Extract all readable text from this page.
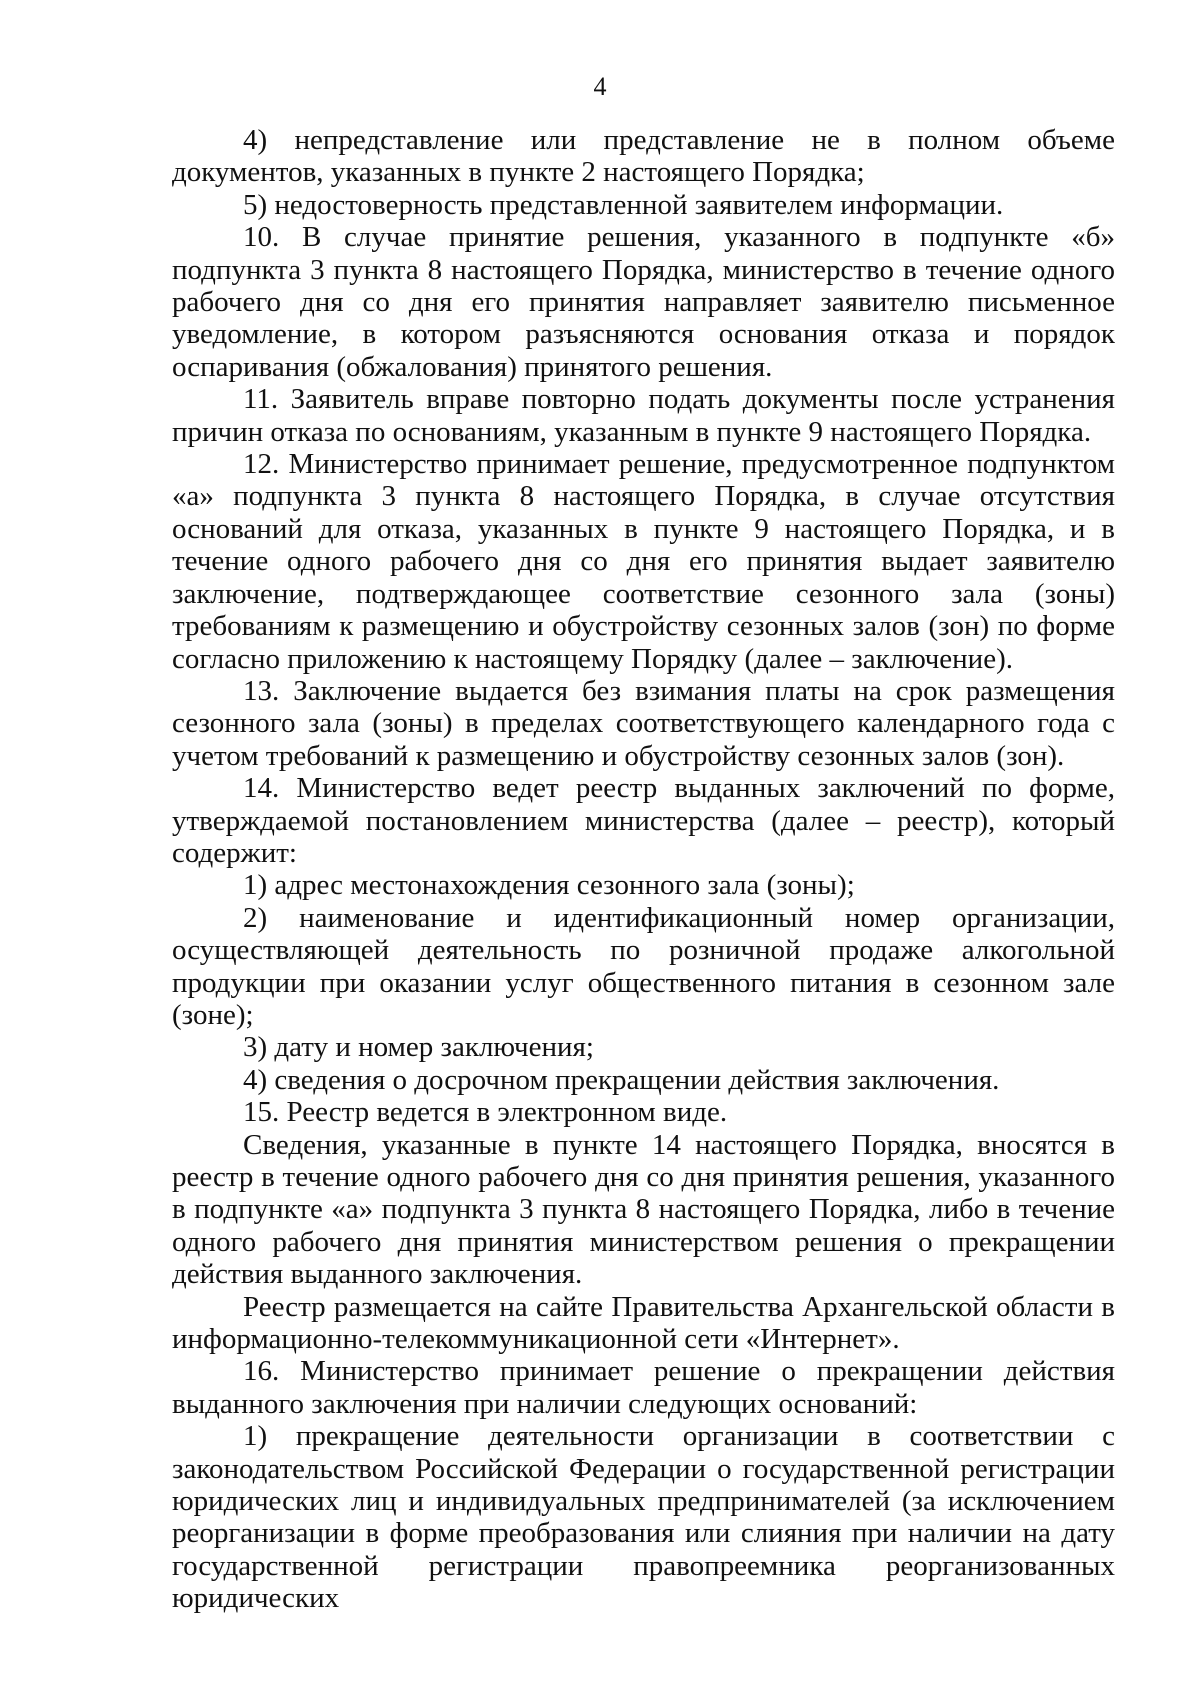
4

4) непредставление или представление не в полном объеме документов, указанных в пункте 2 настоящего Порядка;

5) недостоверность представленной заявителем информации.

10. В случае принятие решения, указанного в подпункте «б» подпункта 3 пункта 8 настоящего Порядка, министерство в течение одного рабочего дня со дня его принятия направляет заявителю письменное уведомление, в котором разъясняются основания отказа и порядок оспаривания (обжалования) принятого решения.

11. Заявитель вправе повторно подать документы после устранения причин отказа по основаниям, указанным в пункте 9 настоящего Порядка.

12. Министерство принимает решение, предусмотренное подпунктом «а» подпункта 3 пункта 8 настоящего Порядка, в случае отсутствия оснований для отказа, указанных в пункте 9 настоящего Порядка, и в течение одного рабочего дня со дня его принятия выдает заявителю заключение, подтверждающее соответствие сезонного зала (зоны) требованиям к размещению и обустройству сезонных залов (зон) по форме согласно приложению к настоящему Порядку (далее – заключение).

13. Заключение выдается без взимания платы на срок размещения сезонного зала (зоны) в пределах соответствующего календарного года с учетом требований к размещению и обустройству сезонных залов (зон).

14. Министерство ведет реестр выданных заключений по форме, утверждаемой постановлением министерства (далее – реестр), который содержит:

1) адрес местонахождения сезонного зала (зоны);

2) наименование и идентификационный номер организации, осуществляющей деятельность по розничной продаже алкогольной продукции при оказании услуг общественного питания в сезонном зале (зоне);

3) дату и номер заключения;

4) сведения о досрочном прекращении действия заключения.

15. Реестр ведется в электронном виде.

Сведения, указанные в пункте 14 настоящего Порядка, вносятся в реестр в течение одного рабочего дня со дня принятия решения, указанного в подпункте «а» подпункта 3 пункта 8 настоящего Порядка, либо в течение одного рабочего дня принятия министерством решения о прекращении действия выданного заключения.

Реестр размещается на сайте Правительства Архангельской области в информационно-телекоммуникационной сети «Интернет».

16. Министерство принимает решение о прекращении действия выданного заключения при наличии следующих оснований:

1) прекращение деятельности организации в соответствии с законодательством Российской Федерации о государственной регистрации юридических лиц и индивидуальных предпринимателей (за исключением реорганизации в форме преобразования или слияния при наличии на дату государственной регистрации правопреемника реорганизованных юридических
